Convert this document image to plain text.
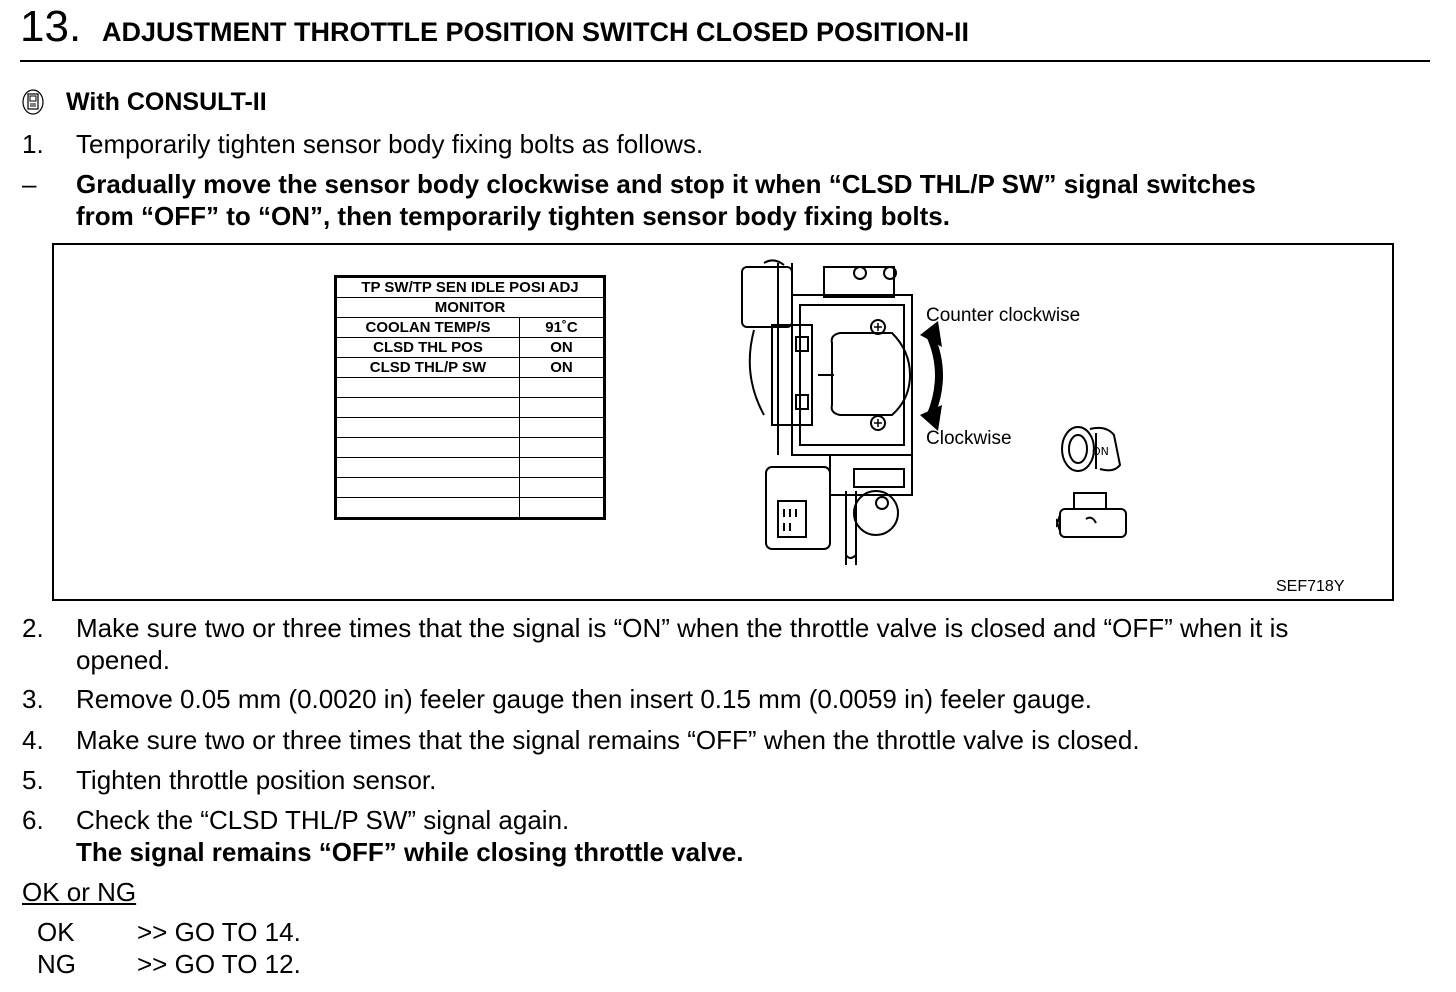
13. ADJUSTMENT THROTTLE POSITION SWITCH CLOSED POSITION-II
With CONSULT-II
1. Temporarily tighten sensor body fixing bolts as follows.
– Gradually move the sensor body clockwise and stop it when “CLSD THL/P SW” signal switches
from “OFF” to “ON”, then temporarily tighten sensor body fixing bolts.
TP SW/TP SEN IDLE POSI ADJ	
MONITOR	
COOLAN TEMP/S	91˚C
CLSD THL POS	ON
CLSD THL/P SW	ON

Counter clockwise
Clockwise
ON
SEF718Y
2. Make sure two or three times that the signal is “ON” when the throttle valve is closed and “OFF” when it is
opened.
3. Remove 0.05 mm (0.0020 in) feeler gauge then insert 0.15 mm (0.0059 in) feeler gauge.
4. Make sure two or three times that the signal remains “OFF” when the throttle valve is closed.
5. Tighten throttle position sensor.
6. Check the “CLSD THL/P SW” signal again.
The signal remains “OFF” while closing throttle valve.
OK or NG
OK >> GO TO 14.
NG >> GO TO 12.
